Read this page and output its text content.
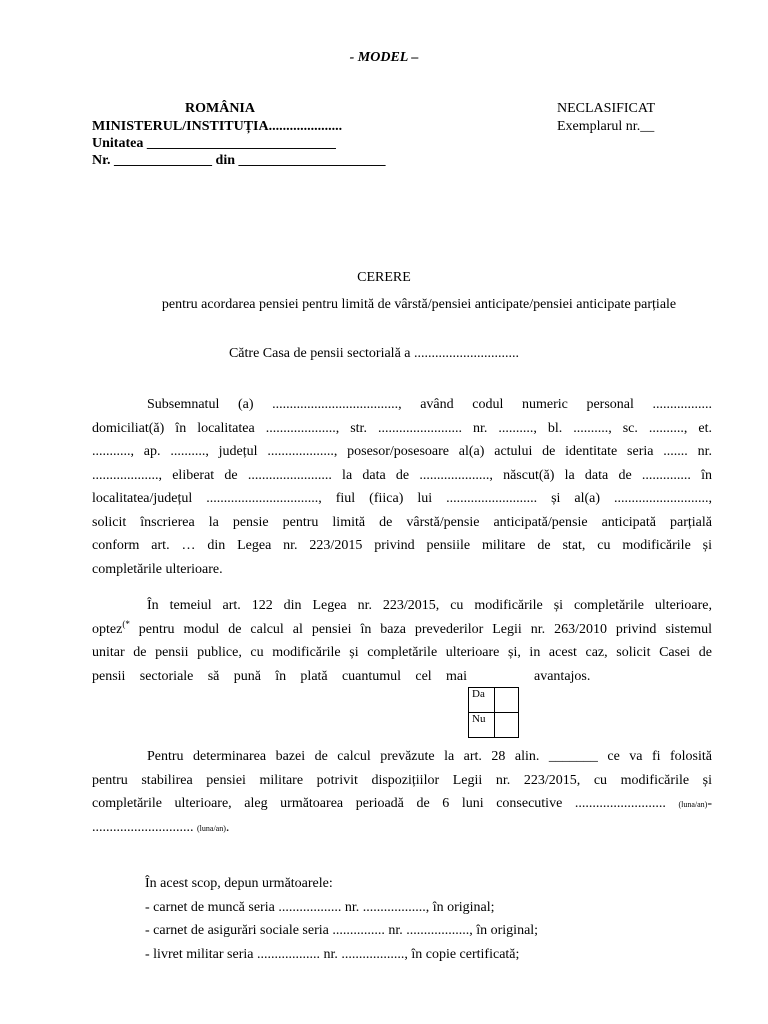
- MODEL –
ROMÂNIA
MINISTERUL/INSTITUȚIA.....................
Unitatea ___________________________
Nr. ______________ din _____________________
NECLASIFICAT
Exemplarul nr.__
CERERE
pentru acordarea pensiei pentru limită de vârstă/pensiei anticipate/pensiei anticipate parțiale
Către Casa de pensii sectorială a ..............................
Subsemnatul (a) ...................................., având codul numeric personal .................
domiciliat(ă) în localitatea ...................., str. ........................ nr. .........., bl. .........., sc. .........., et.
..........., ap. .........., județul ..................., posesor/posesoare al(a) actului de identitate seria ....... nr.
..................., eliberat de ........................ la data de ...................., născut(ă) la data de .............. în
localitatea/județul ................................, fiul (fiica) lui .......................... și al(a) ...........................,
solicit înscrierea la pensie pentru limită de vârstă/pensie anticipată/pensie anticipată parțială
conform art. … din Legea nr. 223/2015 privind pensiile militare de stat, cu modificările și
completările ulterioare.
În temeiul art. 122 din Legea nr. 223/2015, cu modificările și completările ulterioare,
optez(* pentru modul de calcul al pensiei în baza prevederilor Legii nr. 263/2010 privind sistemul
unitar de pensii publice, cu modificările și completările ulterioare și, in acest caz, solicit Casei de
pensii sectoriale să pună în plată cuantumul cel mai	avantajos.
Da	
Nu	
Pentru determinarea bazei de calcul prevăzute la art. 28 alin. _______ ce va fi folosită
pentru stabilirea pensiei militare potrivit dispozițiilor Legii nr. 223/2015, cu modificările și
completările ulterioare, aleg următoarea perioadă de 6 luni consecutive .......................... (luna/an)-
............................. (luna/an).
În acest scop, depun următoarele:
- carnet de muncă seria .................. nr. .................., în original;
- carnet de asigurări sociale seria ............... nr. .................., în original;
- livret militar seria .................. nr. .................., în copie certificată;
